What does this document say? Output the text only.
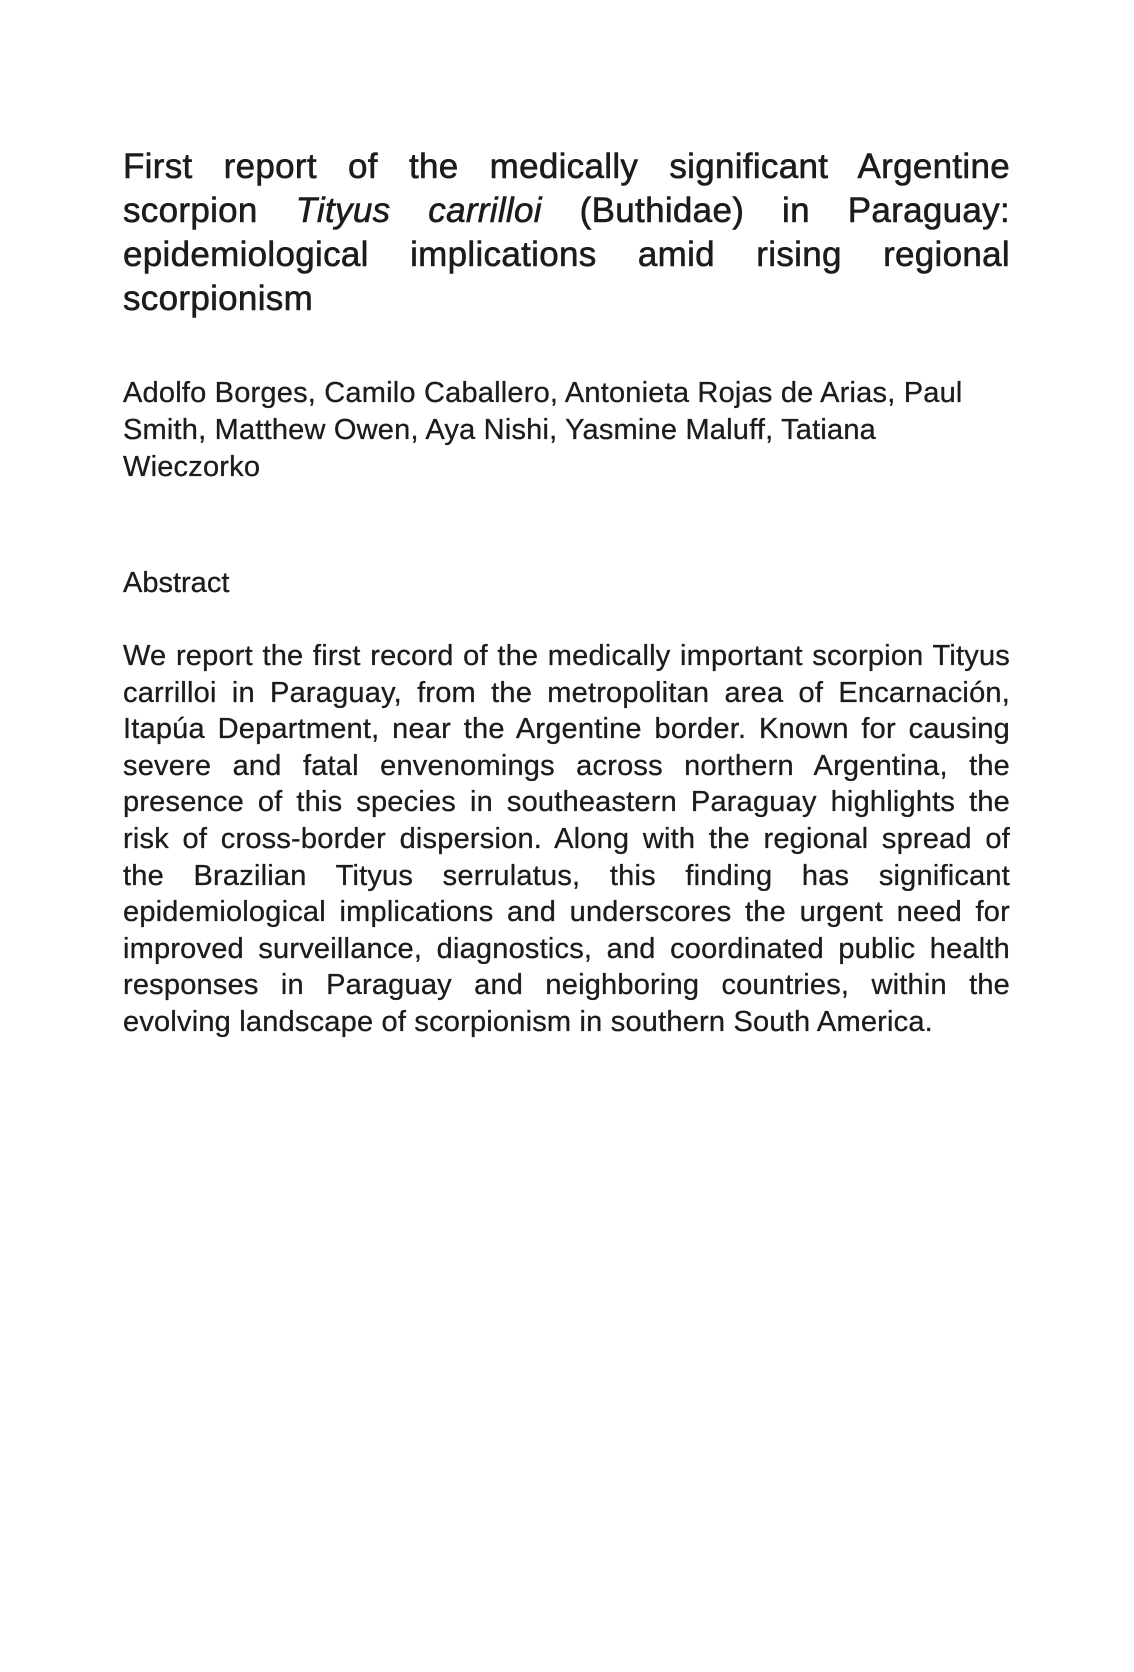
First report of the medically significant Argentine scorpion Tityus carrilloi (Buthidae) in Paraguay: epidemiological implications amid rising regional scorpionism

Adolfo Borges, Camilo Caballero, Antonieta Rojas de Arias, Paul Smith, Matthew Owen, Aya Nishi, Yasmine Maluff, Tatiana Wieczorko

Abstract

We report the first record of the medically important scorpion Tityus carrilloi in Paraguay, from the metropolitan area of Encarnación, Itapúa Department, near the Argentine border. Known for causing severe and fatal envenomings across northern Argentina, the presence of this species in southeastern Paraguay highlights the risk of cross-border dispersion. Along with the regional spread of the Brazilian Tityus serrulatus, this finding has significant epidemiological implications and underscores the urgent need for improved surveillance, diagnostics, and coordinated public health responses in Paraguay and neighboring countries, within the evolving landscape of scorpionism in southern South America.
